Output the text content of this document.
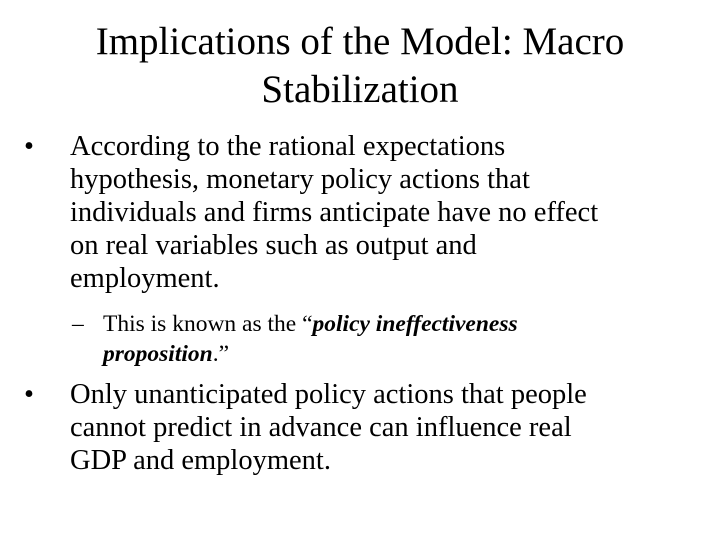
Implications of the Model: Macro
Stabilization
•	According to the rational expectations
hypothesis, monetary policy actions that
individuals and firms anticipate have no effect
on real variables such as output and
employment.
– This is known as the “policy ineffectiveness
proposition.”
•	Only unanticipated policy actions that people
cannot predict in advance can influence real
GDP and employment.
